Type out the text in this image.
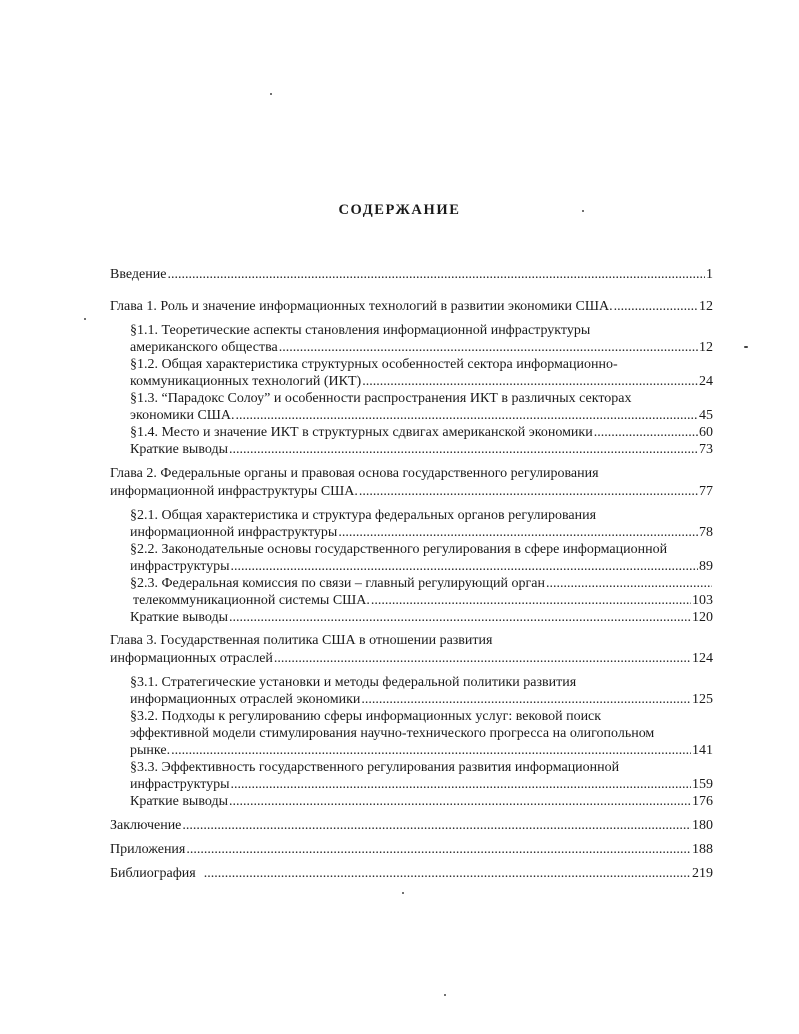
СОДЕРЖАНИЕ
Введение .....	1
Глава 1. Роль и значение информационных технологий в развитии экономики США. .....	12
§1.1. Теоретические аспекты становления информационной инфраструктуры
американского общества .....	12
§1.2. Общая характеристика структурных особенностей сектора информационно-
коммуникационных технологий (ИКТ) .....	24
§1.3. “Парадокс Солоу” и особенности распространения ИКТ в различных секторах
экономики США. .....	45
§1.4. Место и значение ИКТ в структурных сдвигах американской экономики .....	60
Краткие выводы .....	73
Глава 2. Федеральные органы и правовая основа государственного регулирования
информационной инфраструктуры США. .....	77
§2.1. Общая характеристика и структура федеральных органов регулирования
информационной инфраструктуры .....	78
§2.2. Законодательные основы государственного регулирования в сфере информационной
инфраструктуры .....	89
§2.3. Федеральная комиссия по связи – главный регулирующий орган
.....
телекоммуникационной системы США. .....	103
Краткие выводы .....	120
Глава 3. Государственная политика США в отношении развития
информационных отраслей .....	124
§3.1. Стратегические установки и методы федеральной политики развития
информационных отраслей экономики .....	125
§3.2. Подходы к регулированию сферы информационных услуг: вековой поиск
эффективной модели стимулирования научно-технического прогресса на олигопольном
рынке. .....	141
§3.3. Эффективность государственного регулирования развития информационной
инфраструктуры .....	159
Краткие выводы .....	176
Заключение .....	180
Приложения .....	188
Библиография .....	219
